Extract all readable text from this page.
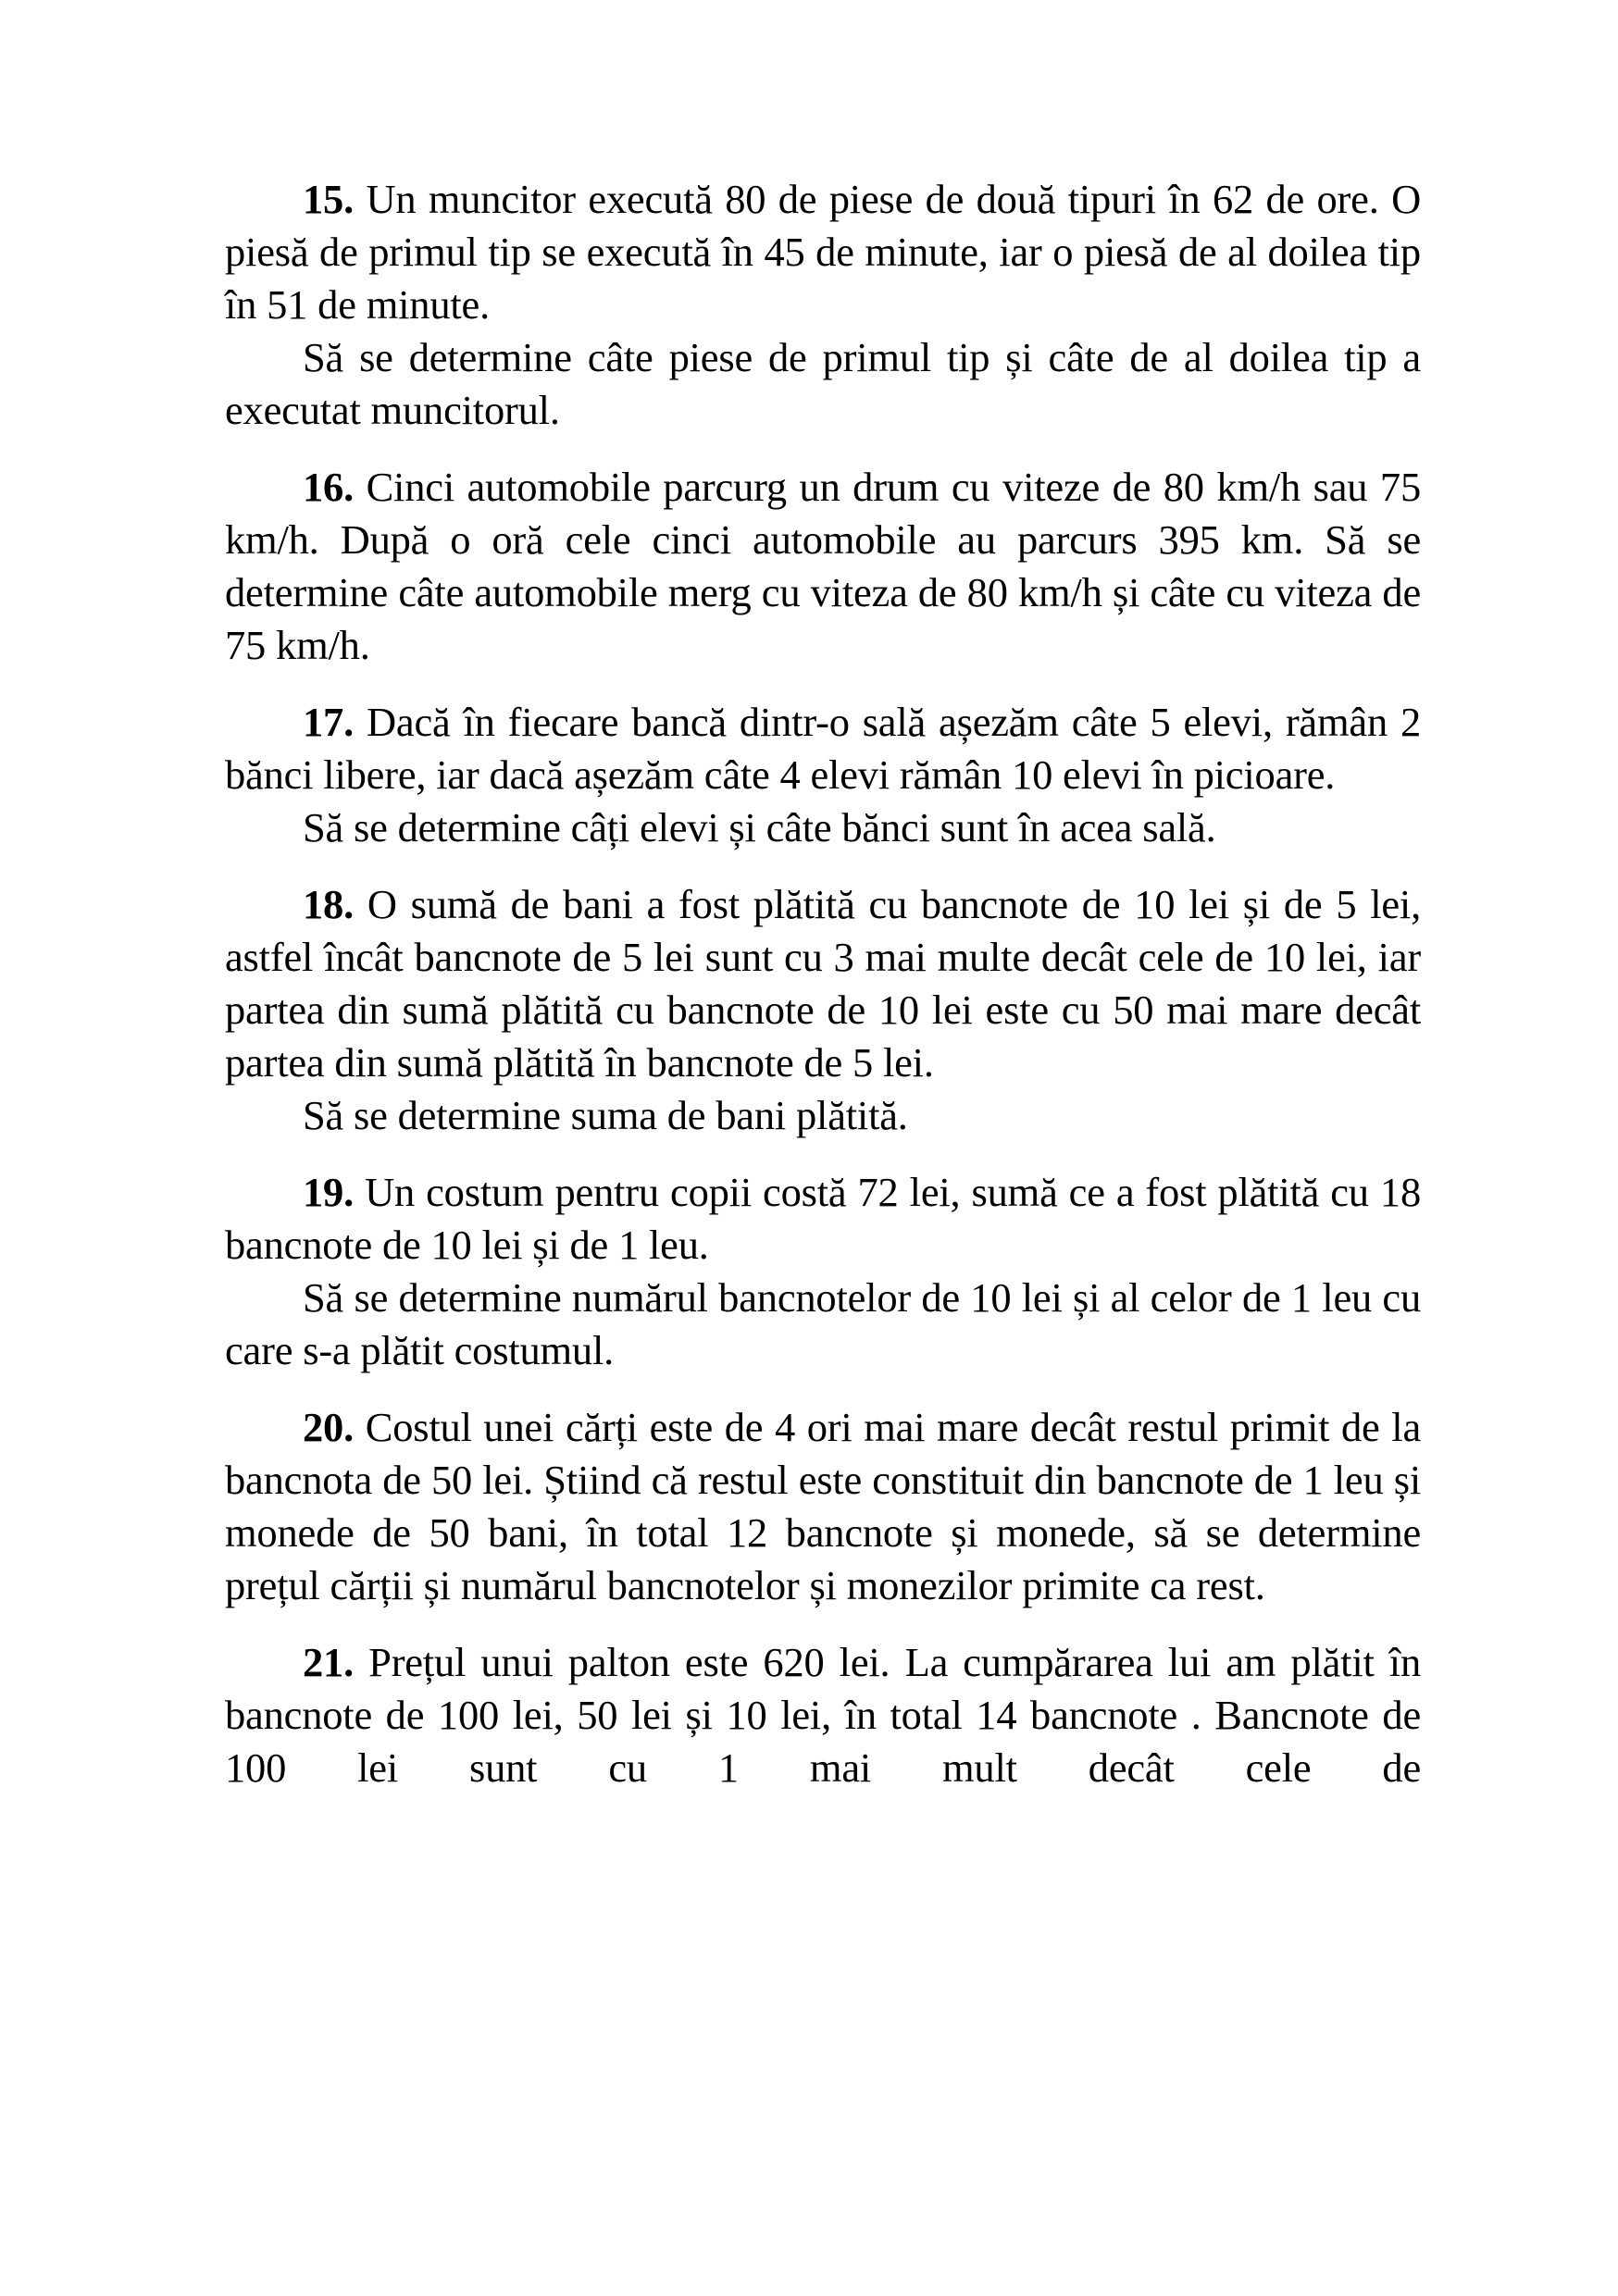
15. Un muncitor execută 80 de piese de două tipuri în 62 de ore. O piesă de primul tip se execută în 45 de minute, iar o piesă de al doilea tip în 51 de minute.

Să se determine câte piese de primul tip și câte de al doilea tip a executat muncitorul.

16. Cinci automobile parcurg un drum cu viteze de 80 km/h sau 75 km/h. După o oră cele cinci automobile au parcurs 395 km. Să se determine câte automobile merg cu viteza de 80 km/h și câte cu viteza de 75 km/h.

17. Dacă în fiecare bancă dintr-o sală așezăm câte 5 elevi, rămân 2 bănci libere, iar dacă așezăm câte 4 elevi rămân 10 elevi în picioare.

Să se determine câți elevi și câte bănci sunt în acea sală.

18. O sumă de bani a fost plătită cu bancnote de 10 lei și de 5 lei, astfel încât bancnote de 5 lei sunt cu 3 mai multe decât cele de 10 lei, iar partea din sumă plătită cu bancnote de 10 lei este cu 50 mai mare decât partea din sumă plătită în bancnote de 5 lei.

Să se determine suma de bani plătită.

19. Un costum pentru copii costă 72 lei, sumă ce a fost plătită cu 18 bancnote de 10 lei și de 1 leu.

Să se determine numărul bancnotelor de 10 lei și al celor de 1 leu cu care s-a plătit costumul.

20. Costul unei cărți este de 4 ori mai mare decât restul primit de la bancnota de 50 lei. Știind că restul este constituit din bancnote de 1 leu și monede de 50 bani, în total 12 bancnote și monede, să se determine prețul cărții și numărul bancnotelor și monezilor primite ca rest.

21. Prețul unui palton este 620 lei. La cumpărarea lui am plătit în bancnote de 100 lei, 50 lei și 10 lei, în total 14 bancnote . Bancnote de 100 lei sunt cu 1 mai mult decât cele de
